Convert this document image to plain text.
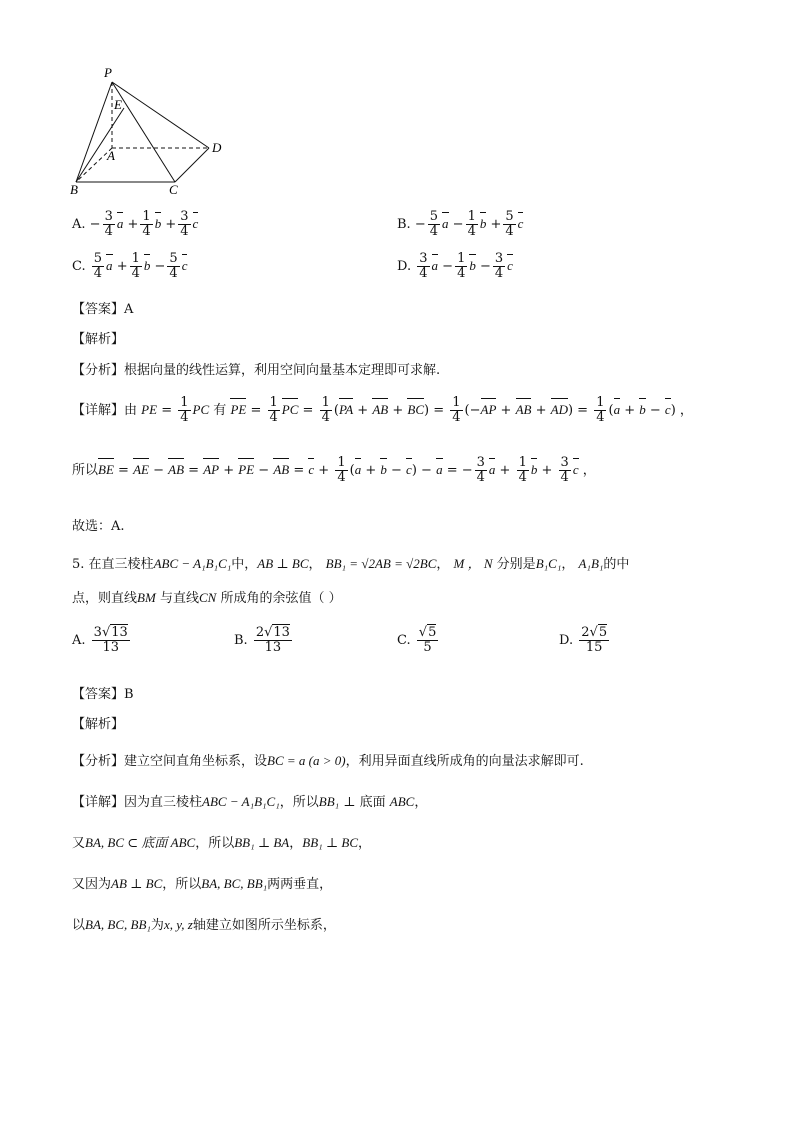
P
E
A
D
B	C
A. − $\frac{3}{4}$ $a + \frac{1}{4}$ $b + \frac{3}{4}$ c	B. − $\frac{5}{4}$ $a - \frac{1}{4}$ $b + \frac{5}{4}$ c
C. $\frac{5}{4}$ $a + \frac{1}{4}$ $b - \frac{5}{4}$ c	D. $\frac{3}{4}$ $a - \frac{1}{4}$ $b - \frac{3}{4}$ c
【答案】A
【解析】
【分析】根据向量的线性运算，利用空间向量基本定理即可求解.
【详解】由 PE = $\frac{1}{4}$ PC 有 PE = $\frac{1}{4}$ PC = $\frac{1}{4} (PA$ + AB + $BC) = \frac{1}{4} (-AP$ + AB + $AD) = \frac{1}{4} (a + b - c)$ ，
所以BE = AE − AB = AP + PE − AB = $c + \frac{1}{4} (a + b - c) - a$ = − $\frac{3}{4}$ $a + \frac{1}{4}$ $b + \frac{3}{4}$ c ，
故选：A.
5. 在直三棱柱ABC − A₁B₁C₁中，AB ⊥ BC， BB₁ = √2AB = √2BC， M ， N 分别是B₁C₁， A₁B₁的中
点，则直线BM 与直线CN 所成角的余弦值（ ）
A. $\frac{3√13}{13}$	B. $\frac{2√13}{13}$	C. $\frac{√5}{5}$	D. $\frac{2√5}{15}$
【答案】B
【解析】
【分析】建立空间直角坐标系，设BC = a (a > 0)，利用异面直线所成角的向量法求解即可.
【详解】因为直三棱柱ABC − A₁B₁C₁，所以BB₁ ⊥ 底面 ABC，
又BA, BC ⊂ 底面 ABC，所以BB₁ ⊥ BA，BB₁ ⊥ BC，
又因为AB ⊥ BC，所以BA, BC, BB₁两两垂直，
以BA, BC, BB₁为x, y, z轴建立如图所示坐标系，
